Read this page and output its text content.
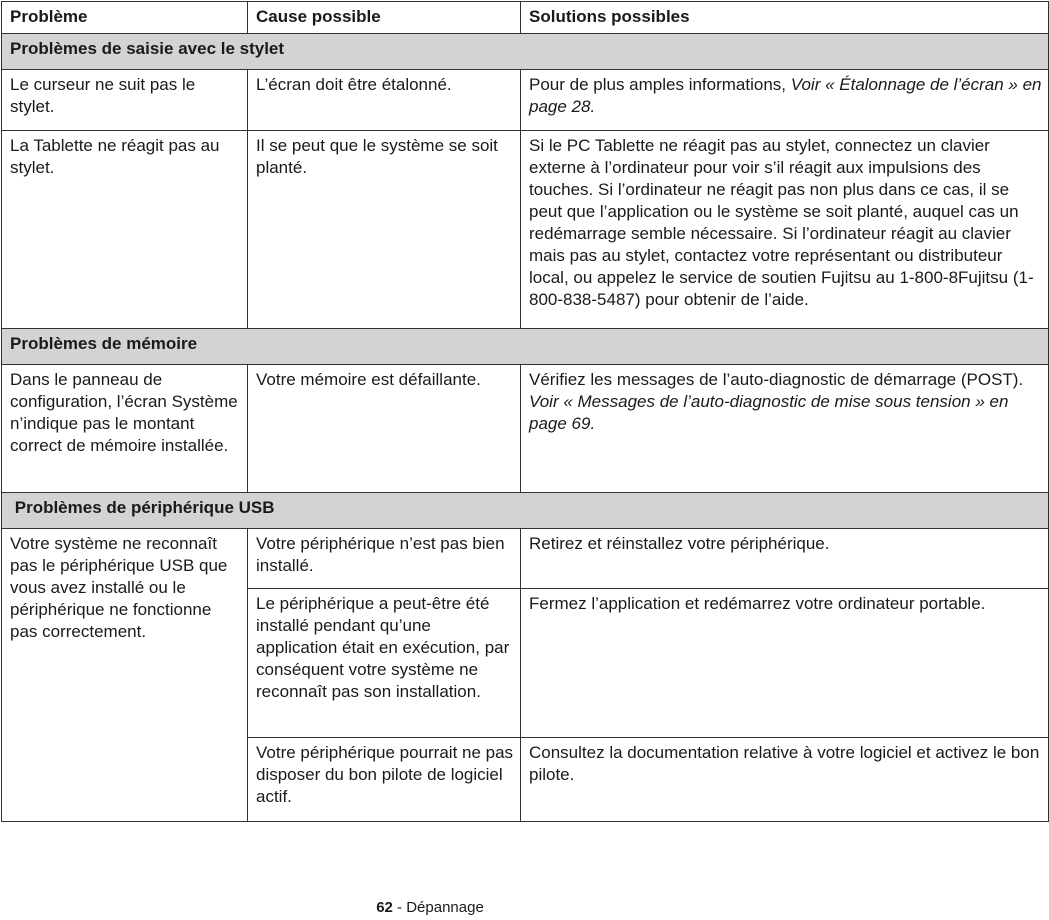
Problème	Cause possible	Solutions possibles
Problèmes de saisie avec le stylet		
Le curseur ne suit pas le stylet.	L’écran doit être étalonné.	Pour de plus amples informations, Voir « Étalonnage de l’écran » en page 28.
La Tablette ne réagit pas au stylet.	Il se peut que le système se soit planté.	Si le PC Tablette ne réagit pas au stylet, connectez un clavier externe à l’ordinateur pour voir s’il réagit aux impulsions des touches. Si l’ordinateur ne réagit pas non plus dans ce cas, il se peut que l’application ou le système se soit planté, auquel cas un redémarrage semble nécessaire. Si l’ordinateur réagit au clavier mais pas au stylet, contactez votre représentant ou distributeur local, ou appelez le service de soutien Fujitsu au 1-800-8Fujitsu (1-800-838-5487) pour obtenir de l’aide.
Problèmes de mémoire		
Dans le panneau de configuration, l’écran Système n’indique pas le montant correct de mémoire installée.	Votre mémoire est défaillante.	Vérifiez les messages de l’auto-diagnostic de démarrage (POST). Voir « Messages de l’auto-diagnostic de mise sous tension » en page 69.
Problèmes de périphérique USB		
Votre système ne reconnaît pas le périphérique USB que vous avez installé ou le périphérique ne fonctionne pas correctement.	Votre périphérique n’est pas bien installé.	Retirez et réinstallez votre périphérique.
	Le périphérique a peut-être été installé pendant qu’une application était en exécution, par conséquent votre système ne reconnaît pas son installation.	Fermez l’application et redémarrez votre ordinateur portable.
	Votre périphérique pourrait ne pas disposer du bon pilote de logiciel actif.	Consultez la documentation relative à votre logiciel et activez le bon pilote.
62 - Dépannage
